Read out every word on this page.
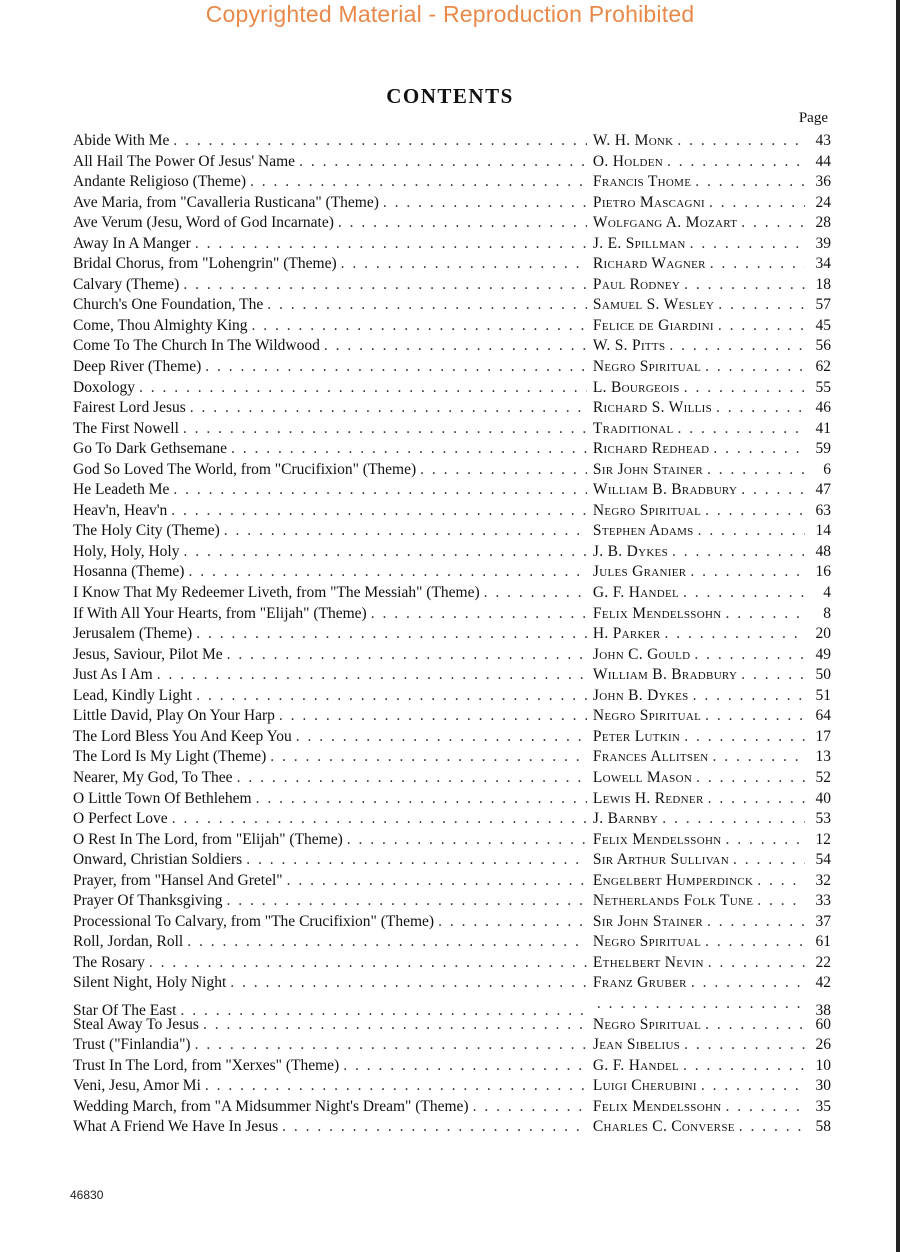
Copyrighted Material - Reproduction Prohibited
CONTENTS
Page
Abide With Me . . .	W. H. Monk . . .	43
All Hail The Power Of Jesus' Name . . .	O. Holden . . .	44
Andante Religioso (Theme) . . .	Francis Thome . . .	36
Ave Maria, from "Cavalleria Rusticana" (Theme) . . .	Pietro Mascagni . . .	24
Ave Verum (Jesu, Word of God Incarnate) . . .	Wolfgang A. Mozart . . .	28
Away In A Manger . . .	J. E. Spillman . . .	39
Bridal Chorus, from "Lohengrin" (Theme) . . .	Richard Wagner . . .	34
Calvary (Theme) . . .	Paul Rodney . . .	18
Church's One Foundation, The . . .	Samuel S. Wesley . . .	57
Come, Thou Almighty King . . .	Felice de Giardini . . .	45
Come To The Church In The Wildwood . . .	W. S. Pitts . . .	56
Deep River (Theme) . . .	Negro Spiritual . . .	62
Doxology . . .	L. Bourgeois . . .	55
Fairest Lord Jesus . . .	Richard S. Willis . . .	46
The First Nowell . . .	Traditional . . .	41
Go To Dark Gethsemane . . .	Richard Redhead . . .	59
God So Loved The World, from "Crucifixion" (Theme) . . .	Sir John Stainer . . .	6
He Leadeth Me . . .	William B. Bradbury . . .	47
Heav'n, Heav'n . . .	Negro Spiritual . . .	63
The Holy City (Theme) . . .	Stephen Adams . . .	14
Holy, Holy, Holy . . .	J. B. Dykes . . .	48
Hosanna (Theme) . . .	Jules Granier . . .	16
I Know That My Redeemer Liveth, from "The Messiah" (Theme) . . .	G. F. Handel . . .	4
If With All Your Hearts, from "Elijah" (Theme) . . .	Felix Mendelssohn . . .	8
Jerusalem (Theme) . . .	H. Parker . . .	20
Jesus, Saviour, Pilot Me . . .	John C. Gould . . .	49
Just As I Am . . .	William B. Bradbury . . .	50
Lead, Kindly Light . . .	John B. Dykes . . .	51
Little David, Play On Your Harp . . .	Negro Spiritual . . .	64
The Lord Bless You And Keep You . . .	Peter Lutkin . . .	17
The Lord Is My Light (Theme) . . .	Frances Allitsen . . .	13
Nearer, My God, To Thee . . .	Lowell Mason . . .	52
O Little Town Of Bethlehem . . .	Lewis H. Redner . . .	40
O Perfect Love . . .	J. Barnby . . .	53
O Rest In The Lord, from "Elijah" (Theme) . . .	Felix Mendelssohn . . .	12
Onward, Christian Soldiers . . .	Sir Arthur Sullivan . . .	54
Prayer, from "Hansel And Gretel" . . .	Engelbert Humperdinck . . .	32
Prayer Of Thanksgiving . . .	Netherlands Folk Tune . . .	33
Processional To Calvary, from "The Crucifixion" (Theme) . . .	Sir John Stainer . . .	37
Roll, Jordan, Roll . . .	Negro Spiritual . . .	61
The Rosary . . .	Ethelbert Nevin . . .	22
Silent Night, Holy Night . . .	Franz Gruber . . .	42
Star Of The East . . . . . .	38
Steal Away To Jesus . . .	Negro Spiritual . . .	60
Trust ("Finlandia") . . .	Jean Sibelius . . .	26
Trust In The Lord, from "Xerxes" (Theme) . . .	G. F. Handel . . .	10
Veni, Jesu, Amor Mi . . .	Luigi Cherubini . . .	30
Wedding March, from "A Midsummer Night's Dream" (Theme) . . .	Felix Mendelssohn . . .	35
What A Friend We Have In Jesus . . .	Charles C. Converse . . .	58
46830
